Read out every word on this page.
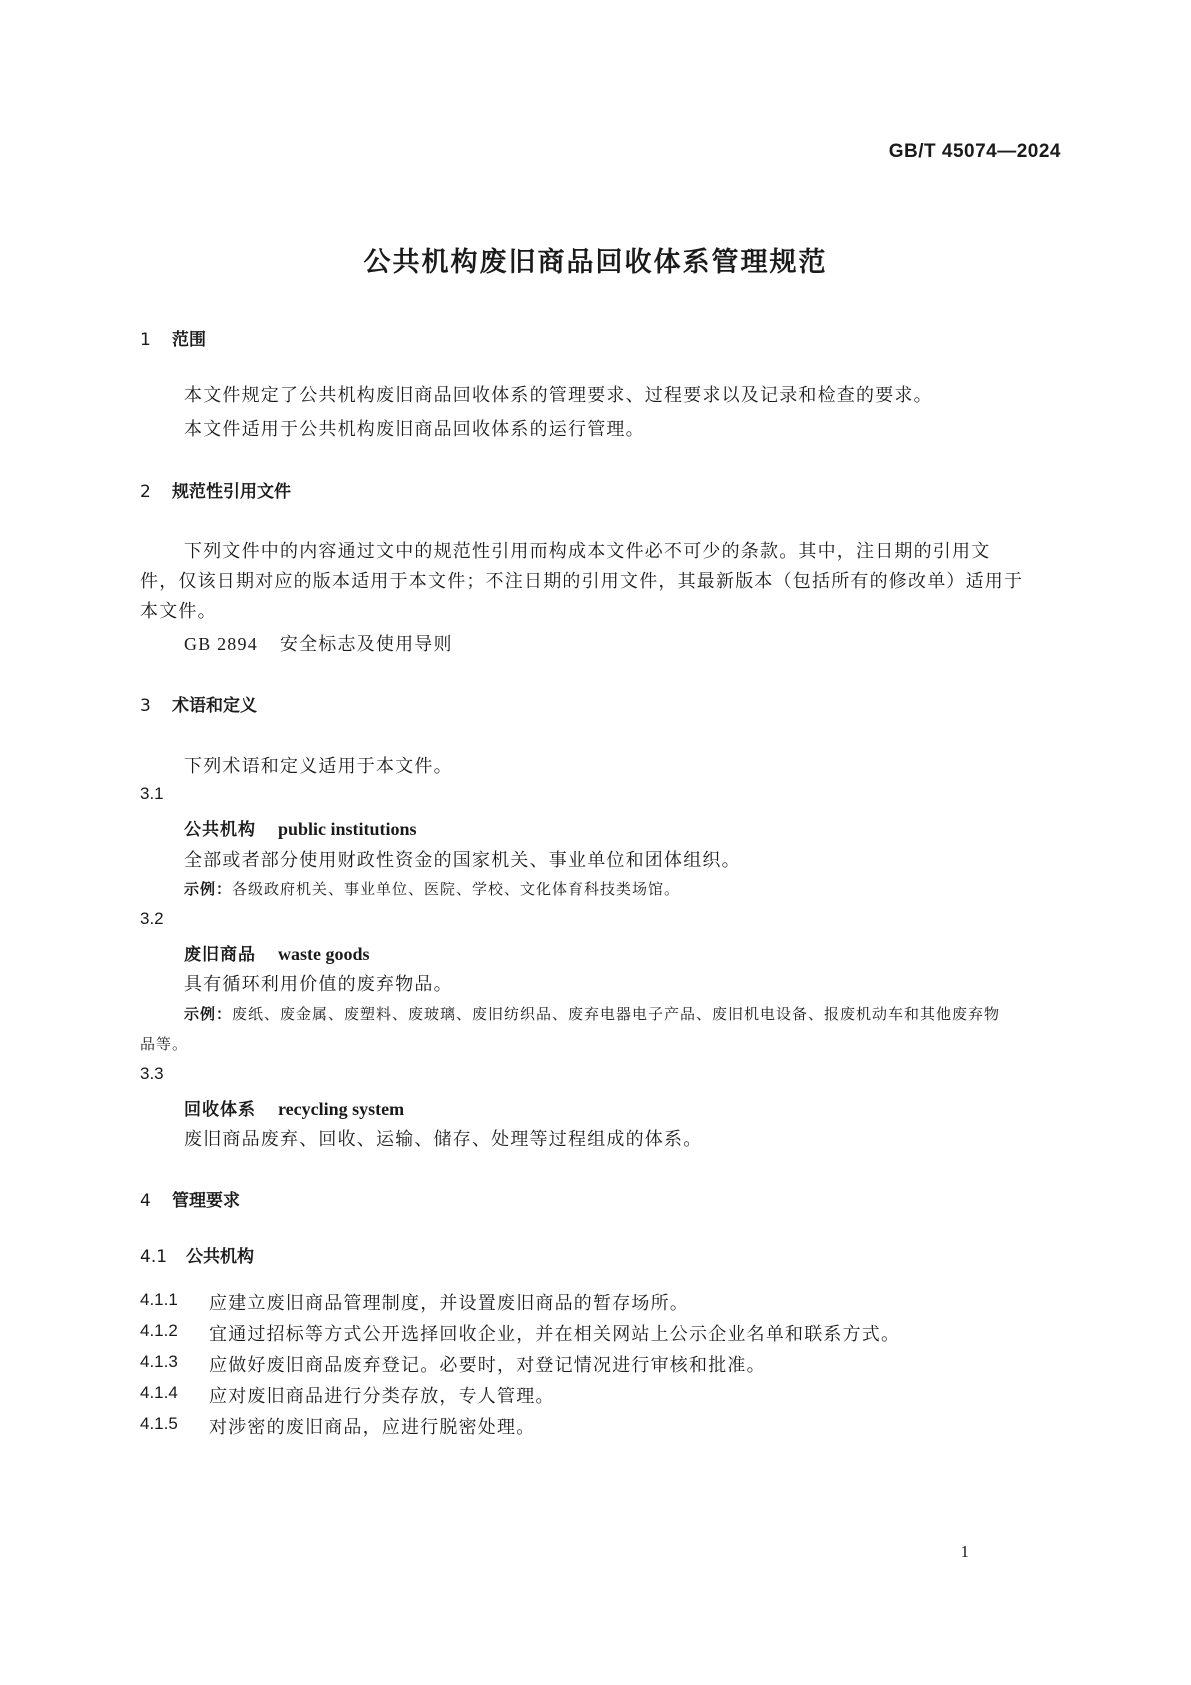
GB/T 45074—2024
公共机构废旧商品回收体系管理规范
1 范围
本文件规定了公共机构废旧商品回收体系的管理要求、过程要求以及记录和检查的要求。
本文件适用于公共机构废旧商品回收体系的运行管理。
2 规范性引用文件
下列文件中的内容通过文中的规范性引用而构成本文件必不可少的条款。其中，注日期的引用文
件，仅该日期对应的版本适用于本文件；不注日期的引用文件，其最新版本（包括所有的修改单）适用于
本文件。
GB 2894 安全标志及使用导则
3 术语和定义
下列术语和定义适用于本文件。
3.1
公共机构 public institutions
全部或者部分使用财政性资金的国家机关、事业单位和团体组织。
示例：各级政府机关、事业单位、医院、学校、文化体育科技类场馆。
3.2
废旧商品 waste goods
具有循环利用价值的废弃物品。
示例：废纸、废金属、废塑料、废玻璃、废旧纺织品、废弃电器电子产品、废旧机电设备、报废机动车和其他废弃物
品等。
3.3
回收体系 recycling system
废旧商品废弃、回收、运输、储存、处理等过程组成的体系。
4 管理要求
4.1 公共机构
4.1.1 应建立废旧商品管理制度，并设置废旧商品的暂存场所。
4.1.2 宜通过招标等方式公开选择回收企业，并在相关网站上公示企业名单和联系方式。
4.1.3 应做好废旧商品废弃登记。必要时，对登记情况进行审核和批准。
4.1.4 应对废旧商品进行分类存放，专人管理。
4.1.5 对涉密的废旧商品，应进行脱密处理。
1
